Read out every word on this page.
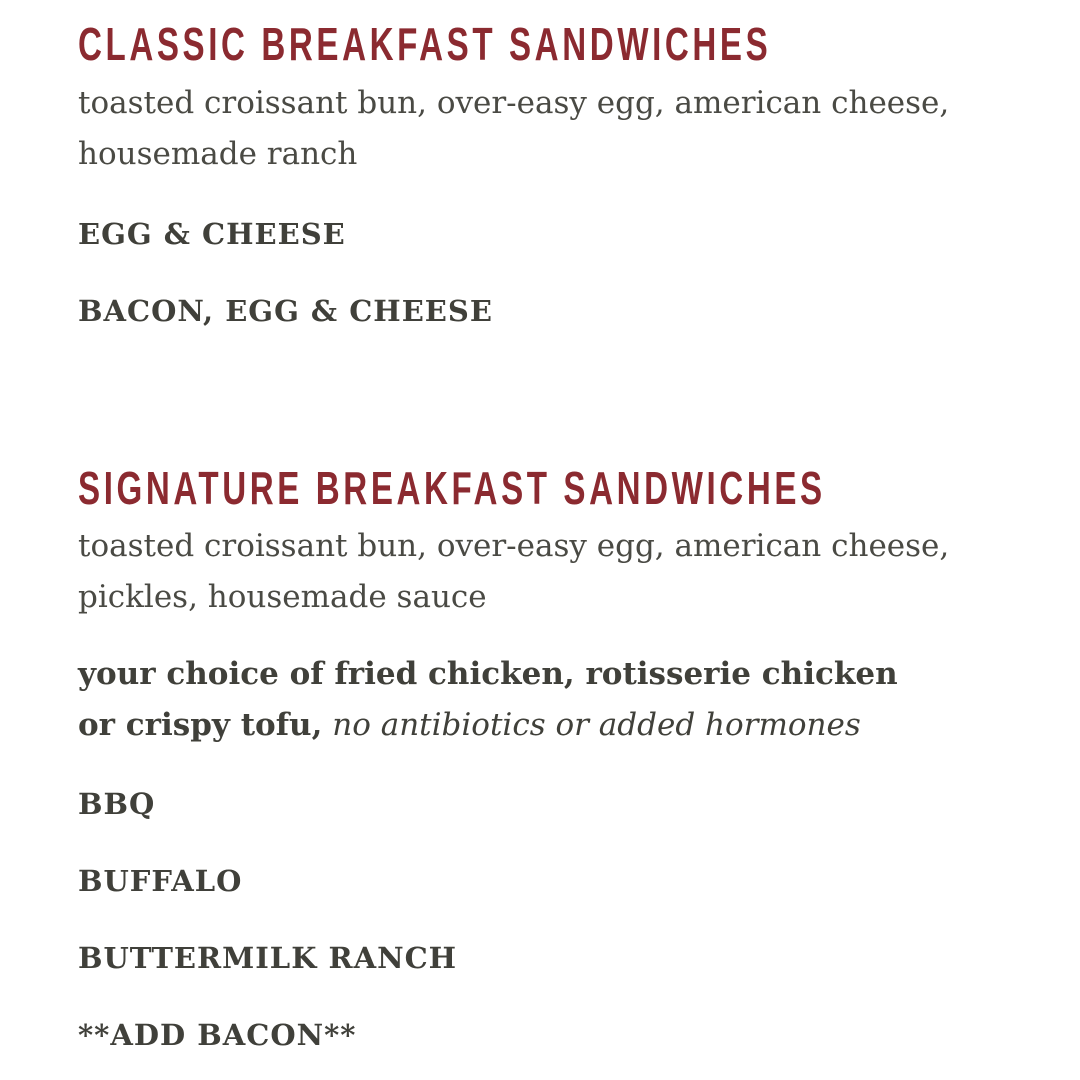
CLASSIC BREAKFAST SANDWICHES

toasted croissant bun, over-easy egg, american cheese,
housemade ranch

EGG & CHEESE

BACON, EGG & CHEESE

SIGNATURE BREAKFAST SANDWICHES

toasted croissant bun, over-easy egg, american cheese,
pickles, housemade sauce

your choice of fried chicken, rotisserie chicken
or crispy tofu, no antibiotics or added hormones

BBQ

BUFFALO

BUTTERMILK RANCH

**ADD BACON**
